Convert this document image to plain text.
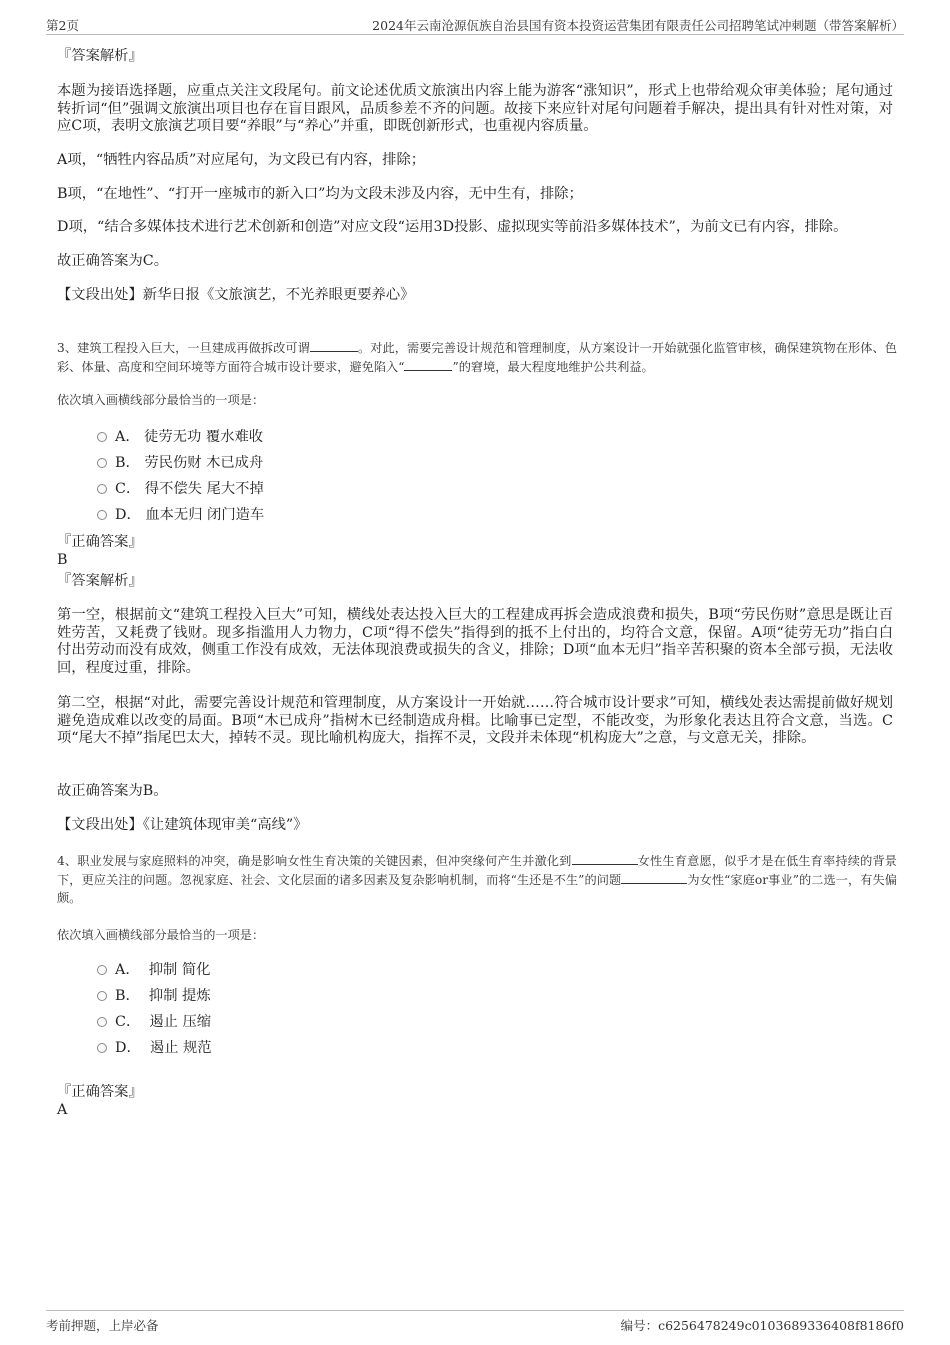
第2页	2024年云南沧源佤族自治县国有资本投资运营集团有限责任公司招聘笔试冲刺题（带答案解析）
『答案解析』
本题为接语选择题，应重点关注文段尾句。前文论述优质文旅演出内容上能为游客“涨知识”，形式上也带给观众审美体验；尾句通过转折词“但”强调文旅演出项目也存在盲目跟风，品质参差不齐的问题。故接下来应针对尾句问题着手解决，提出具有针对性对策，对应C项，表明文旅演艺项目要“养眼”与“养心”并重，即既创新形式，也重视内容质量。
A项，“牺牲内容品质”对应尾句，为文段已有内容，排除；
B项，“在地性”、“打开一座城市的新入口”均为文段未涉及内容，无中生有，排除；
D项，“结合多媒体技术进行艺术创新和创造”对应文段“运用3D投影、虚拟现实等前沿多媒体技术”，为前文已有内容，排除。
故正确答案为C。
【文段出处】新华日报《文旅演艺，不光养眼更要养心》
3、建筑工程投入巨大，一旦建成再做拆改可谓	。对此，需要完善设计规范和管理制度，从方案设计一开始就强化监管审核，确保建筑物在形体、色彩、体量、高度和空间环境等方面符合城市设计要求，避免陷入“	”的窘境，最大程度地维护公共利益。
依次填入画横线部分最恰当的一项是：
A． 徒劳无功 覆水难收
B． 劳民伤财 木已成舟
C． 得不偿失 尾大不掉
D． 血本无归 闭门造车
『正确答案』
B
『答案解析』
第一空，根据前文“建筑工程投入巨大”可知，横线处表达投入巨大的工程建成再拆会造成浪费和损失，B项“劳民伤财”意思是既让百姓劳苦，又耗费了钱财。现多指滥用人力物力，C项“得不偿失”指得到的抵不上付出的，均符合文意，保留。A项“徒劳无功”指白白付出劳动而没有成效，侧重工作没有成效，无法体现浪费或损失的含义，排除；D项“血本无归”指辛苦积聚的资本全部亏损，无法收回，程度过重，排除。
第二空，根据“对此，需要完善设计规范和管理制度，从方案设计一开始就……符合城市设计要求”可知，横线处表达需提前做好规划避免造成难以改变的局面。B项“木已成舟”指树木已经制造成舟楫。比喻事已定型，不能改变，为形象化表达且符合文意，当选。C项“尾大不掉”指尾巴太大，掉转不灵。现比喻机构庞大，指挥不灵，文段并未体现“机构庞大”之意，与文意无关，排除。
故正确答案为B。
【文段出处】《让建筑体现审美“高线”》
4、职业发展与家庭照料的冲突，确是影响女性生育决策的关键因素，但冲突缘何产生并激化到	女性生育意愿，似乎才是在低生育率持续的背景下，更应关注的问题。忽视家庭、社会、文化层面的诸多因素及复杂影响机制，而将“生还是不生”的问题	为女性“家庭or事业”的二选一，有失偏颇。
依次填入画横线部分最恰当的一项是：
A． 抑制 简化
B． 抑制 提炼
C． 遏止 压缩
D． 遏止 规范
『正确答案』
A
考前押题，上岸必备	编号：c6256478249c0103689336408f8186f0
